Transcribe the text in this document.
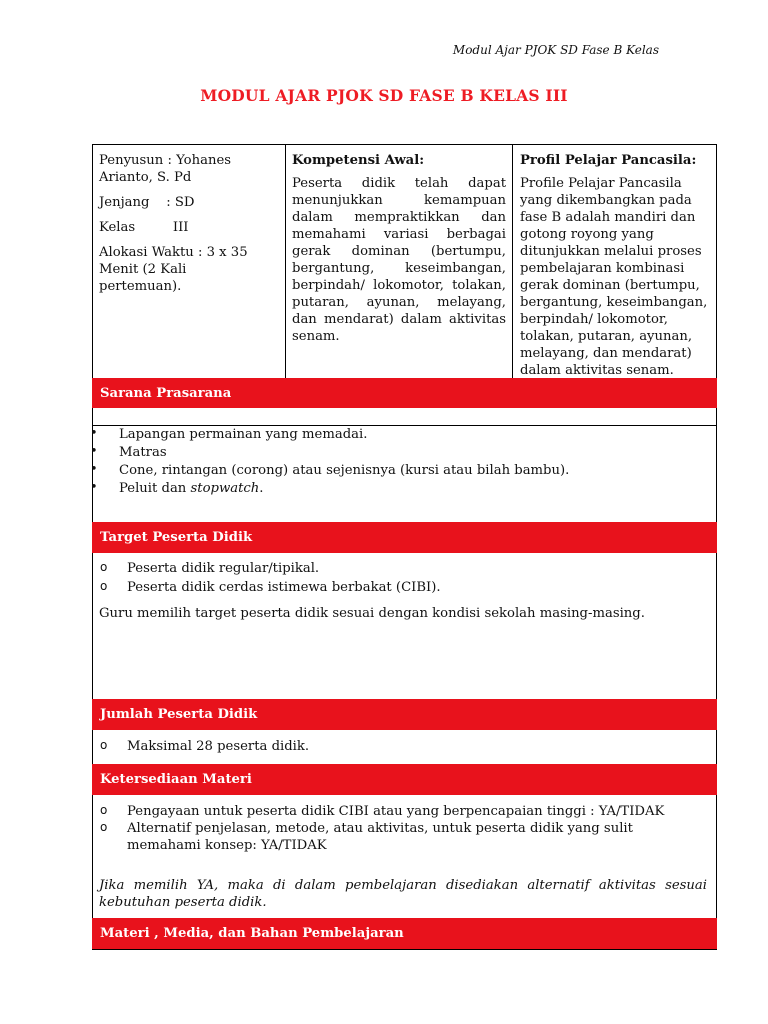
Modul Ajar PJOK SD Fase B Kelas
MODUL AJAR PJOK SD FASE B KELAS III

Penyusun : Yohanes Arianto, S. Pd

Jenjang    : SD

Kelas         III

Alokasi Waktu : 3 x 35 Menit (2 Kali pertemuan).

Kompetensi Awal:

Peserta didik telah dapat menunjukkan kemampuan dalam mempraktikkan dan memahami variasi berbagai gerak dominan (bertumpu, bergantung, keseimbangan, berpindah/ lokomotor, tolakan, putaran, ayunan, melayang, dan mendarat) dalam aktivitas senam.

Profil Pelajar Pancasila:

Profile Pelajar Pancasila yang dikembangkan pada fase B adalah mandiri dan gotong royong yang ditunjukkan melalui proses pembelajaran kombinasi gerak dominan (bertumpu, bergantung, keseimbangan, berpindah/ lokomotor, tolakan, putaran, ayunan, melayang, dan mendarat) dalam aktivitas senam.

Sarana Prasarana
• Lapangan permainan yang memadai.
• Matras
• Cone, rintangan (corong) atau sejenisnya (kursi atau bilah bambu).
• Peluit dan stopwatch.
Target Peserta Didik
o Peserta didik regular/tipikal.
o Peserta didik cerdas istimewa berbakat (CIBI).
Guru memilih target peserta didik sesuai dengan kondisi sekolah masing-masing.
Jumlah Peserta Didik
o Maksimal 28 peserta didik.
Ketersediaan Materi
o Pengayaan untuk peserta didik CIBI atau yang berpencapaian tinggi : YA/TIDAK
o Alternatif penjelasan, metode, atau aktivitas, untuk peserta didik yang sulit memahami konsep: YA/TIDAK

Jika memilih YA, maka di dalam pembelajaran disediakan alternatif aktivitas sesuai kebutuhan peserta didik.

Materi , Media, dan Bahan Pembelajaran
